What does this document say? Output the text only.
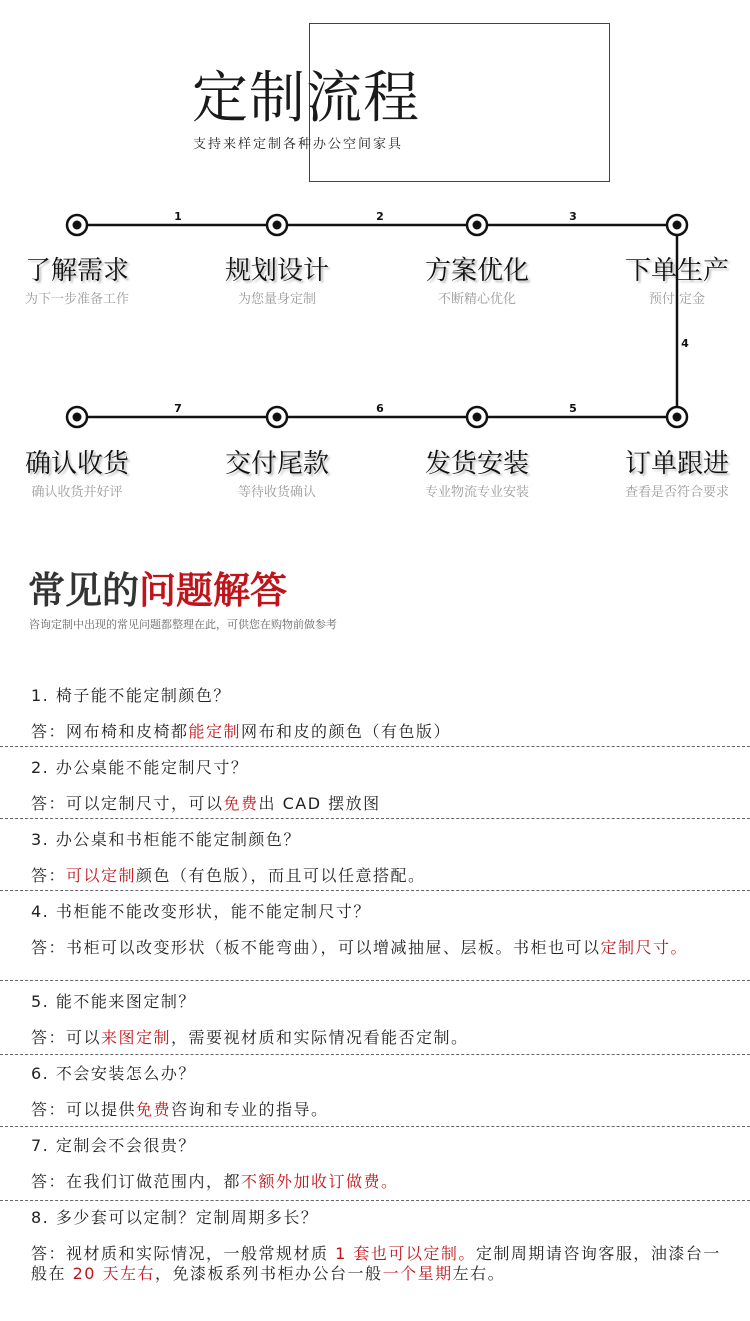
定制流程
支持来样定制各种办公空间家具
1	2	3
4
5
6
7
了解需求
为下一步准备工作
规划设计
为您量身定制
方案优化
不断精心优化
下单生产
预付 定金
确认收货
确认收货并好评
交付尾款
等待收货确认
发货安装
专业物流专业安装
订单跟进
查看是否符合要求
常见的问题解答
咨询定制中出现的常见问题都整理在此，可供您在购物前做参考
1. 椅子能不能定制颜色？
答：网布椅和皮椅都能定制网布和皮的颜色（有色版）
2. 办公桌能不能定制尺寸？
答：可以定制尺寸，可以免费出 CAD 摆放图
3. 办公桌和书柜能不能定制颜色？
答：可以定制颜色（有色版），而且可以任意搭配。
4. 书柜能不能改变形状，能不能定制尺寸？
答：书柜可以改变形状（板不能弯曲），可以增减抽屉、层板。书柜也可以定制尺寸。
5. 能不能来图定制？
答：可以来图定制，需要视材质和实际情况看能否定制。
6. 不会安装怎么办？
答：可以提供免费咨询和专业的指导。
7. 定制会不会很贵？
答：在我们订做范围内，都不额外加收订做费。
8. 多少套可以定制？定制周期多长？
答：视材质和实际情况，一般常规材质 1 套也可以定制。定制周期请咨询客服，油漆台一般在 20 天左右，免漆板系列书柜办公台一般一个星期左右。
